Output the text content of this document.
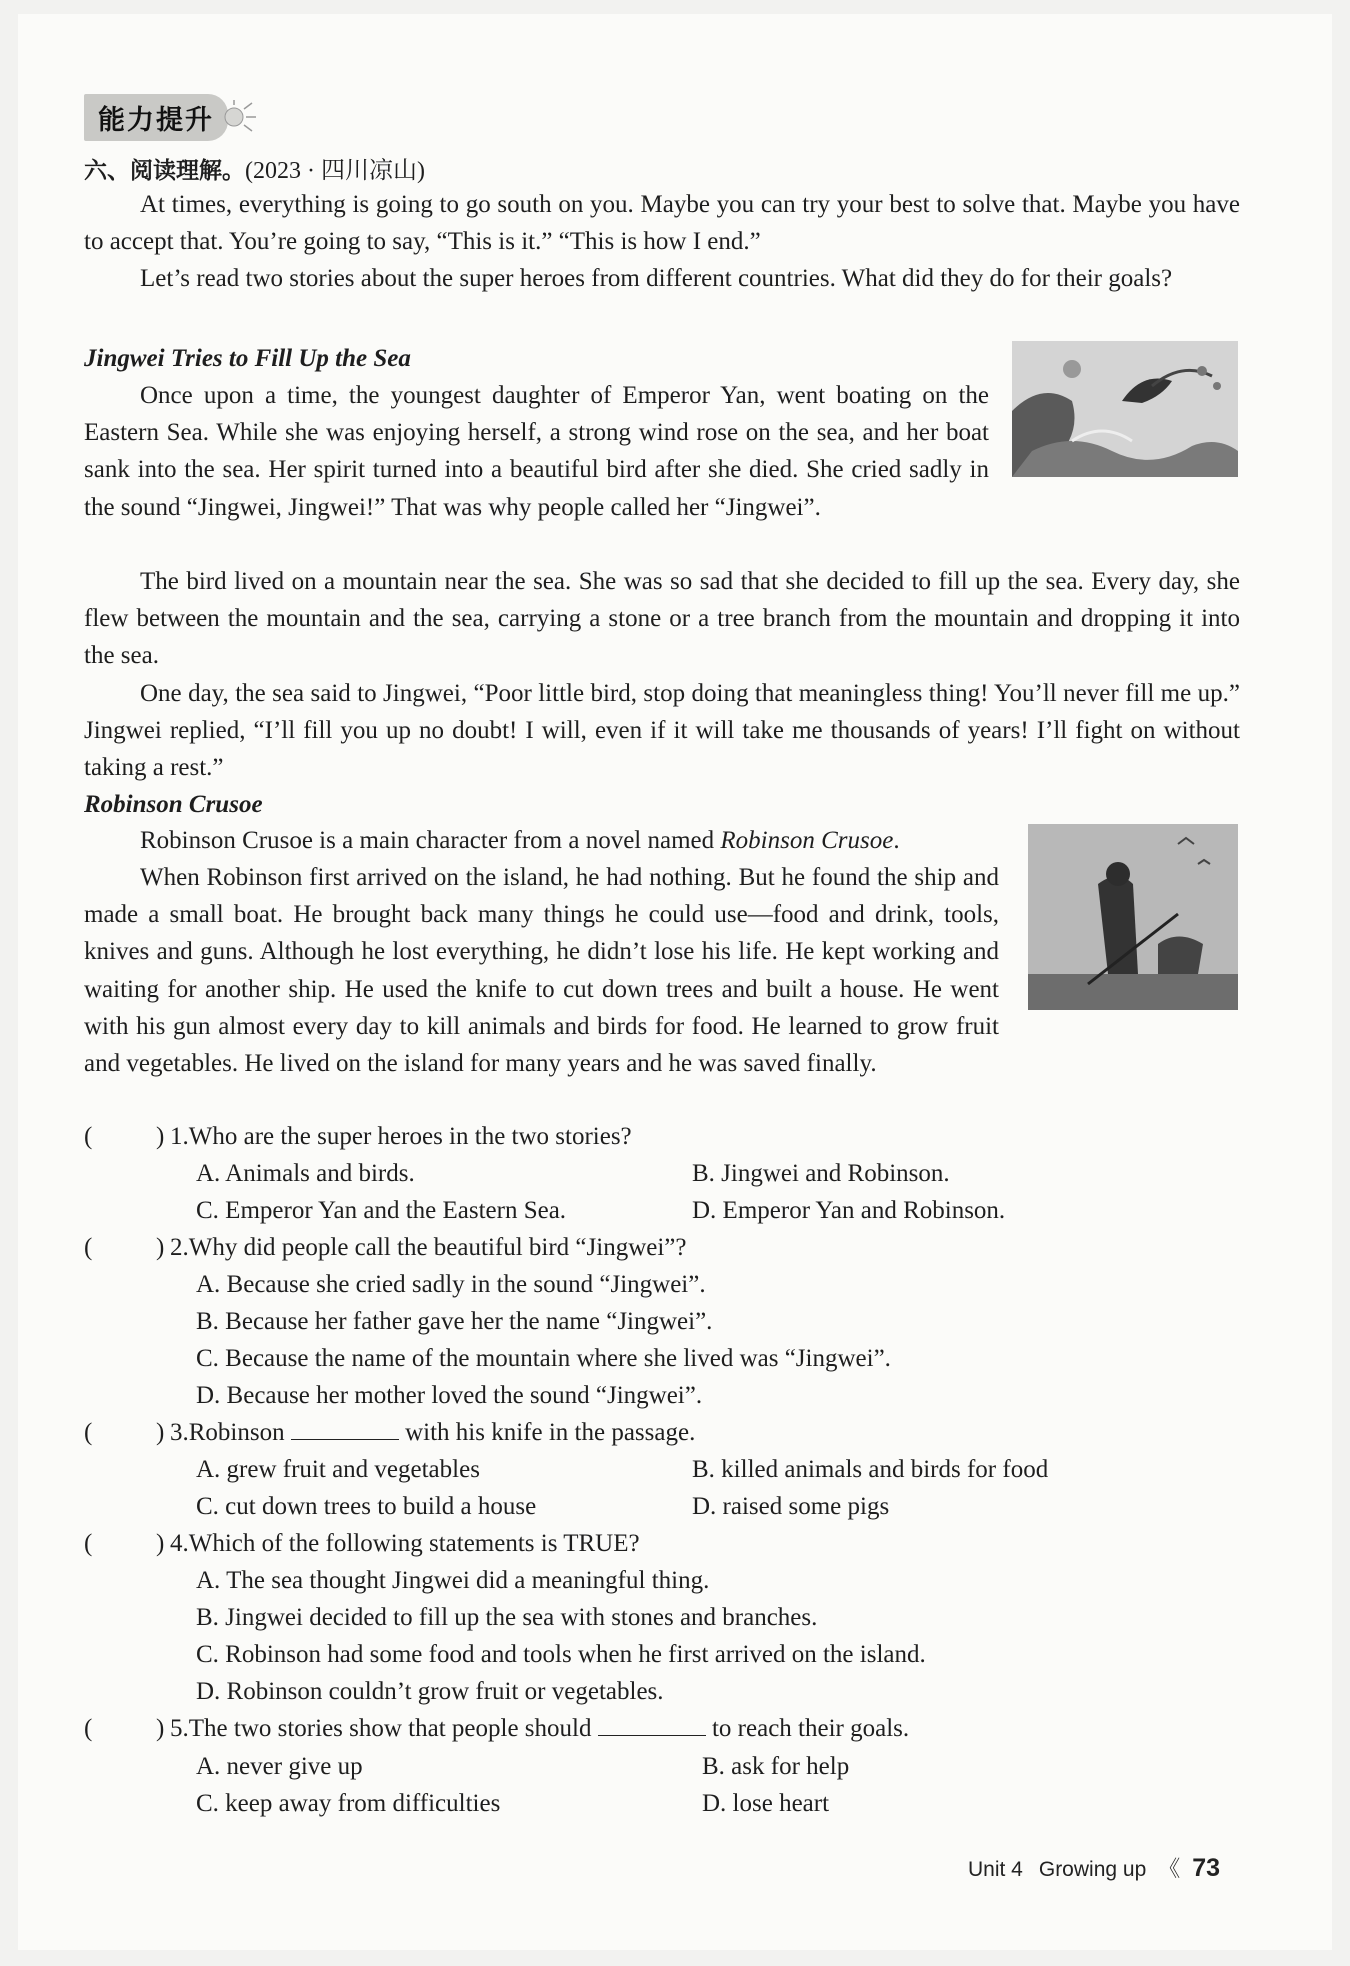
能力提升
六、阅读理解。(2023 · 四川凉山)

At times, everything is going to go south on you. Maybe you can try your best to solve that. Maybe you have to accept that. You’re going to say, “This is it.” “This is how I end.”

Let’s read two stories about the super heroes from different countries. What did they do for their goals?

Jingwei Tries to Fill Up the Sea

Once upon a time, the youngest daughter of Emperor Yan, went boating on the Eastern Sea. While she was enjoying herself, a strong wind rose on the sea, and her boat sank into the sea. Her spirit turned into a beautiful bird after she died. She cried sadly in the sound “Jingwei, Jingwei!” That was why people called her “Jingwei”.

The bird lived on a mountain near the sea. She was so sad that she decided to fill up the sea. Every day, she flew between the mountain and the sea, carrying a stone or a tree branch from the mountain and dropping it into the sea.

One day, the sea said to Jingwei, “Poor little bird, stop doing that meaningless thing! You’ll never fill me up.” Jingwei replied, “I’ll fill you up no doubt! I will, even if it will take me thousands of years! I’ll fight on without taking a rest.”

Robinson Crusoe

Robinson Crusoe is a main character from a novel named Robinson Crusoe.

When Robinson first arrived on the island, he had nothing. But he found the ship and made a small boat. He brought back many things he could use—food and drink, tools, knives and guns. Although he lost everything, he didn’t lose his life. He kept working and waiting for another ship. He used the knife to cut down trees and built a house. He went with his gun almost every day to kill animals and birds for food. He learned to grow fruit and vegetables. He lived on the island for many years and he was saved finally.

(	) 1.Who are the super heroes in the two stories?
A. Animals and birds.	B. Jingwei and Robinson.
C. Emperor Yan and the Eastern Sea.	D. Emperor Yan and Robinson.
(	) 2.Why did people call the beautiful bird “Jingwei”?
A. Because she cried sadly in the sound “Jingwei”.
B. Because her father gave her the name “Jingwei”.
C. Because the name of the mountain where she lived was “Jingwei”.
D. Because her mother loved the sound “Jingwei”.
(	) 3.Robinson	with his knife in the passage.
A. grew fruit and vegetables	B. killed animals and birds for food
C. cut down trees to build a house	D. raised some pigs
(	) 4.Which of the following statements is TRUE?
A. The sea thought Jingwei did a meaningful thing.
B. Jingwei decided to fill up the sea with stones and branches.
C. Robinson had some food and tools when he first arrived on the island.
D. Robinson couldn’t grow fruit or vegetables.
(	) 5.The two stories show that people should	to reach their goals.
A. never give up	B. ask for help
C. keep away from difficulties	D. lose heart
Unit 4 Growing up 《 73
